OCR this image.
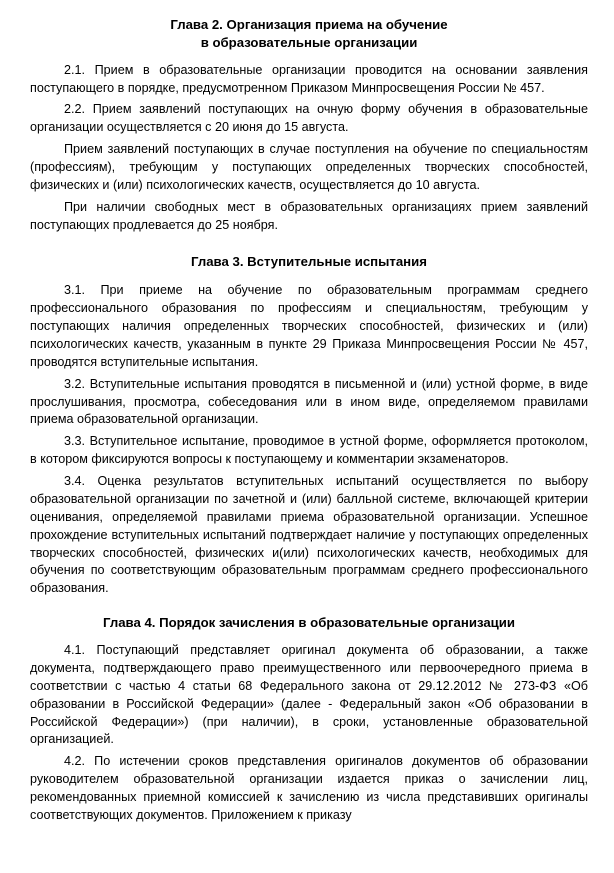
Глава 2. Организация приема на обучение
в образовательные организации

2.1. Прием в образовательные организации проводится на основании заявления поступающего в порядке, предусмотренном Приказом Минпросвещения России № 457.

2.2. Прием заявлений поступающих на очную форму обучения в образовательные организации осуществляется с 20 июня до 15 августа.

Прием заявлений поступающих в случае поступления на обучение по специальностям (профессиям), требующим у поступающих определенных творческих способностей, физических и (или) психологических качеств, осуществляется до 10 августа.

При наличии свободных мест в образовательных организациях прием заявлений поступающих продлевается до 25 ноября.

Глава 3. Вступительные испытания

3.1. При приеме на обучение по образовательным программам среднего профессионального образования по профессиям и специальностям, требующим у поступающих наличия определенных творческих способностей, физических и (или) психологических качеств, указанным в пункте 29 Приказа Минпросвещения России № 457, проводятся вступительные испытания.

3.2. Вступительные испытания проводятся в письменной и (или) устной форме, в виде прослушивания, просмотра, собеседования или в ином виде, определяемом правилами приема образовательной организации.

3.3. Вступительное испытание, проводимое в устной форме, оформляется протоколом, в котором фиксируются вопросы к поступающему и комментарии экзаменаторов.

3.4. Оценка результатов вступительных испытаний осуществляется по выбору образовательной организации по зачетной и (или) балльной системе, включающей критерии оценивания, определяемой правилами приема образовательной организации. Успешное прохождение вступительных испытаний подтверждает наличие у поступающих определенных творческих способностей, физических и(или) психологических качеств, необходимых для обучения по соответствующим образовательным программам среднего профессионального образования.

Глава 4. Порядок зачисления в образовательные организации

4.1. Поступающий представляет оригинал документа об образовании, а также документа, подтверждающего право преимущественного или первоочередного приема в соответствии с частью 4 статьи 68 Федерального закона от 29.12.2012 № 273-ФЗ «Об образовании в Российской Федерации» (далее - Федеральный закон «Об образовании в Российской Федерации») (при наличии), в сроки, установленные образовательной организацией.

4.2. По истечении сроков представления оригиналов документов об образовании руководителем образовательной организации издается приказ о зачислении лиц, рекомендованных приемной комиссией к зачислению из числа представивших оригиналы соответствующих документов. Приложением к приказу
